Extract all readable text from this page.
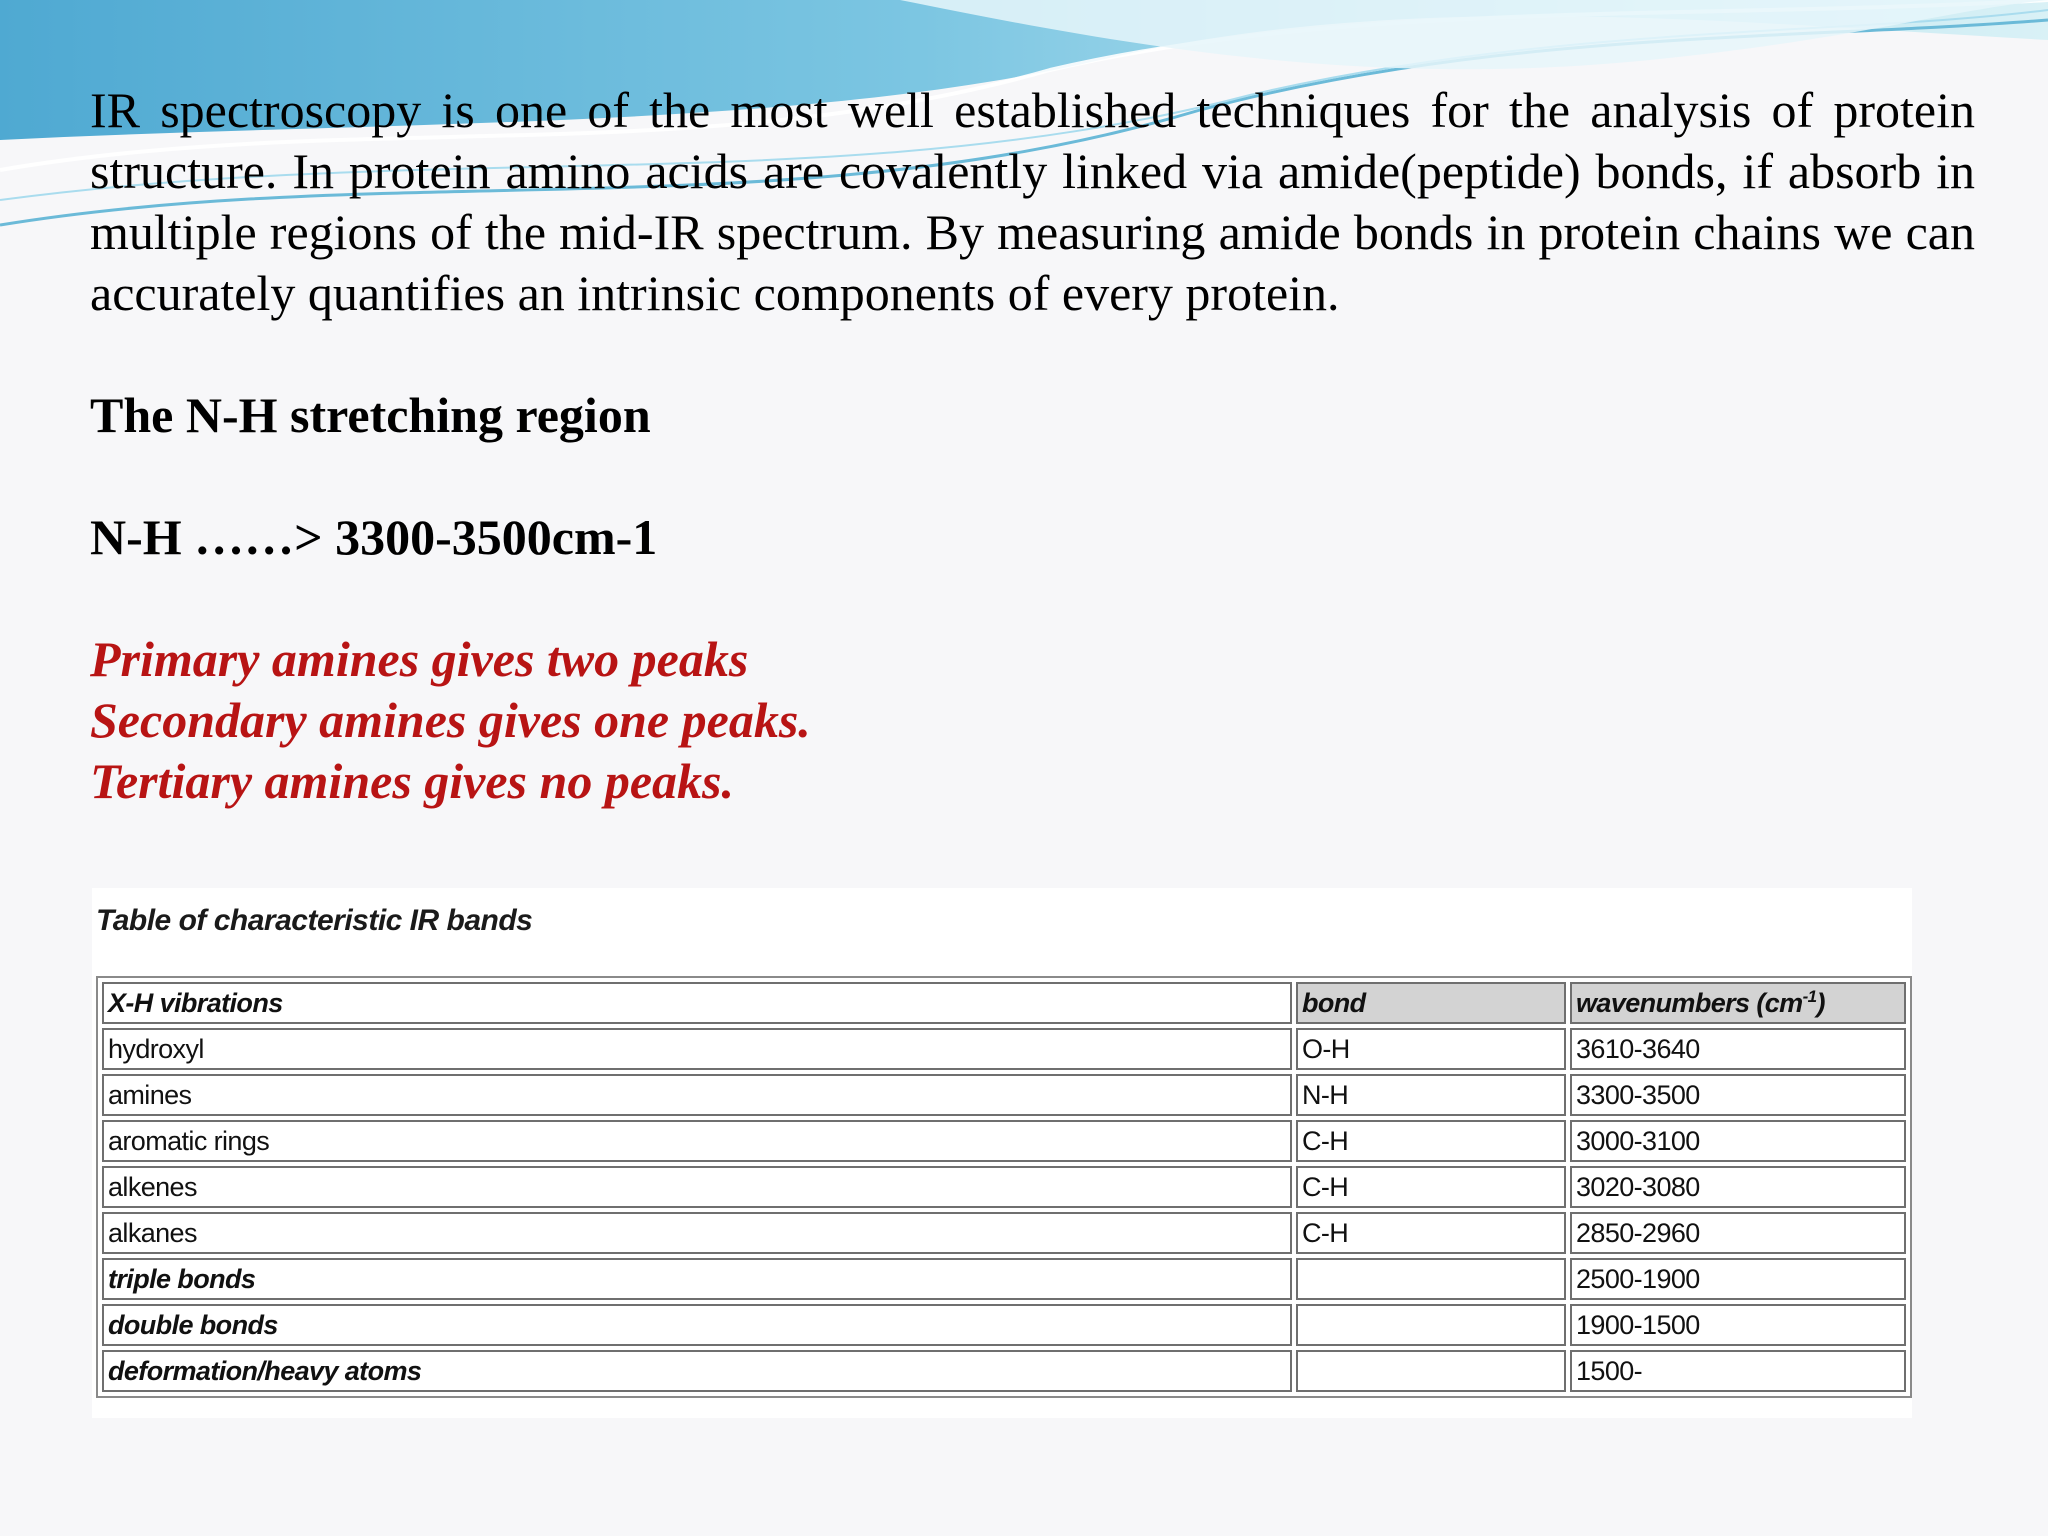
IR spectroscopy is one of the most well established techniques for the analysis of protein structure. In protein amino acids are covalently linked via amide(peptide) bonds, if absorb in multiple regions of the mid-IR spectrum. By measuring amide bonds in protein chains we can accurately quantifies an intrinsic components of every protein.

The N-H stretching region

N-H ……> 3300-3500cm-1

Primary amines gives two peaks

Secondary amines gives one peaks.

Tertiary amines gives no peaks.

Table of characteristic IR bands

X-H vibrations	bond	wavenumbers $(cm^{-1})$
hydroxyl	O-H	3610-3640
amines	N-H	3300-3500
aromatic rings	C-H	3000-3100
alkenes	C-H	3020-3080
alkanes	C-H	2850-2960
triple bonds		2500-1900
double bonds		1900-1500
deformation/heavy atoms		1500-
